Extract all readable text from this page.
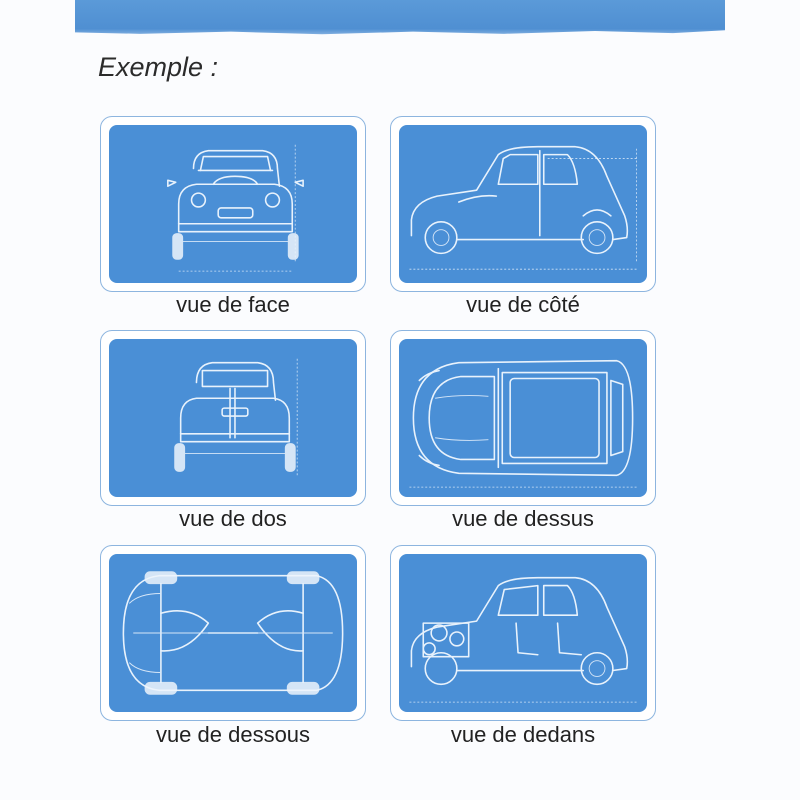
Exemple :
vue de face	vue de côté
vue de dos	vue de dessus
vue de dessous	vue de dedans
